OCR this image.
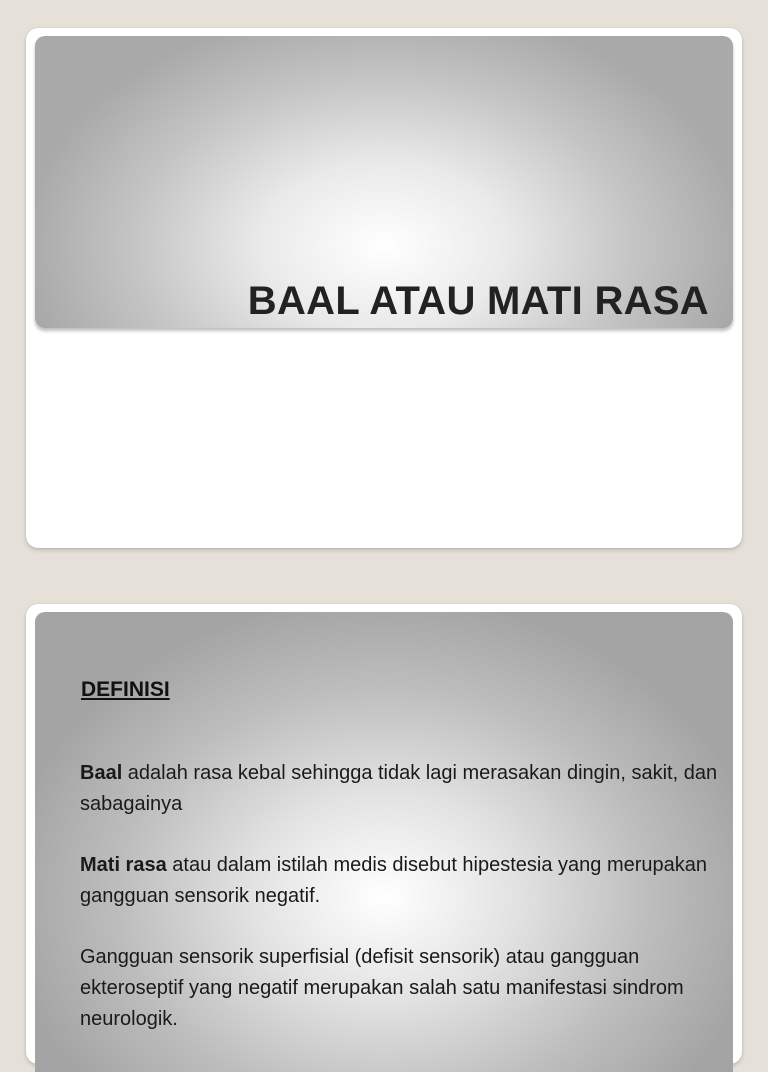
BAAL ATAU MATI RASA
DEFINISI

Baal adalah rasa kebal sehingga tidak lagi merasakan dingin, sakit, dan sabagainya

Mati rasa atau dalam istilah medis disebut hipestesia yang merupakan gangguan sensorik negatif.

Gangguan sensorik superfisial (defisit sensorik) atau gangguan ekteroseptif yang negatif merupakan salah satu manifestasi sindrom neurologik.
